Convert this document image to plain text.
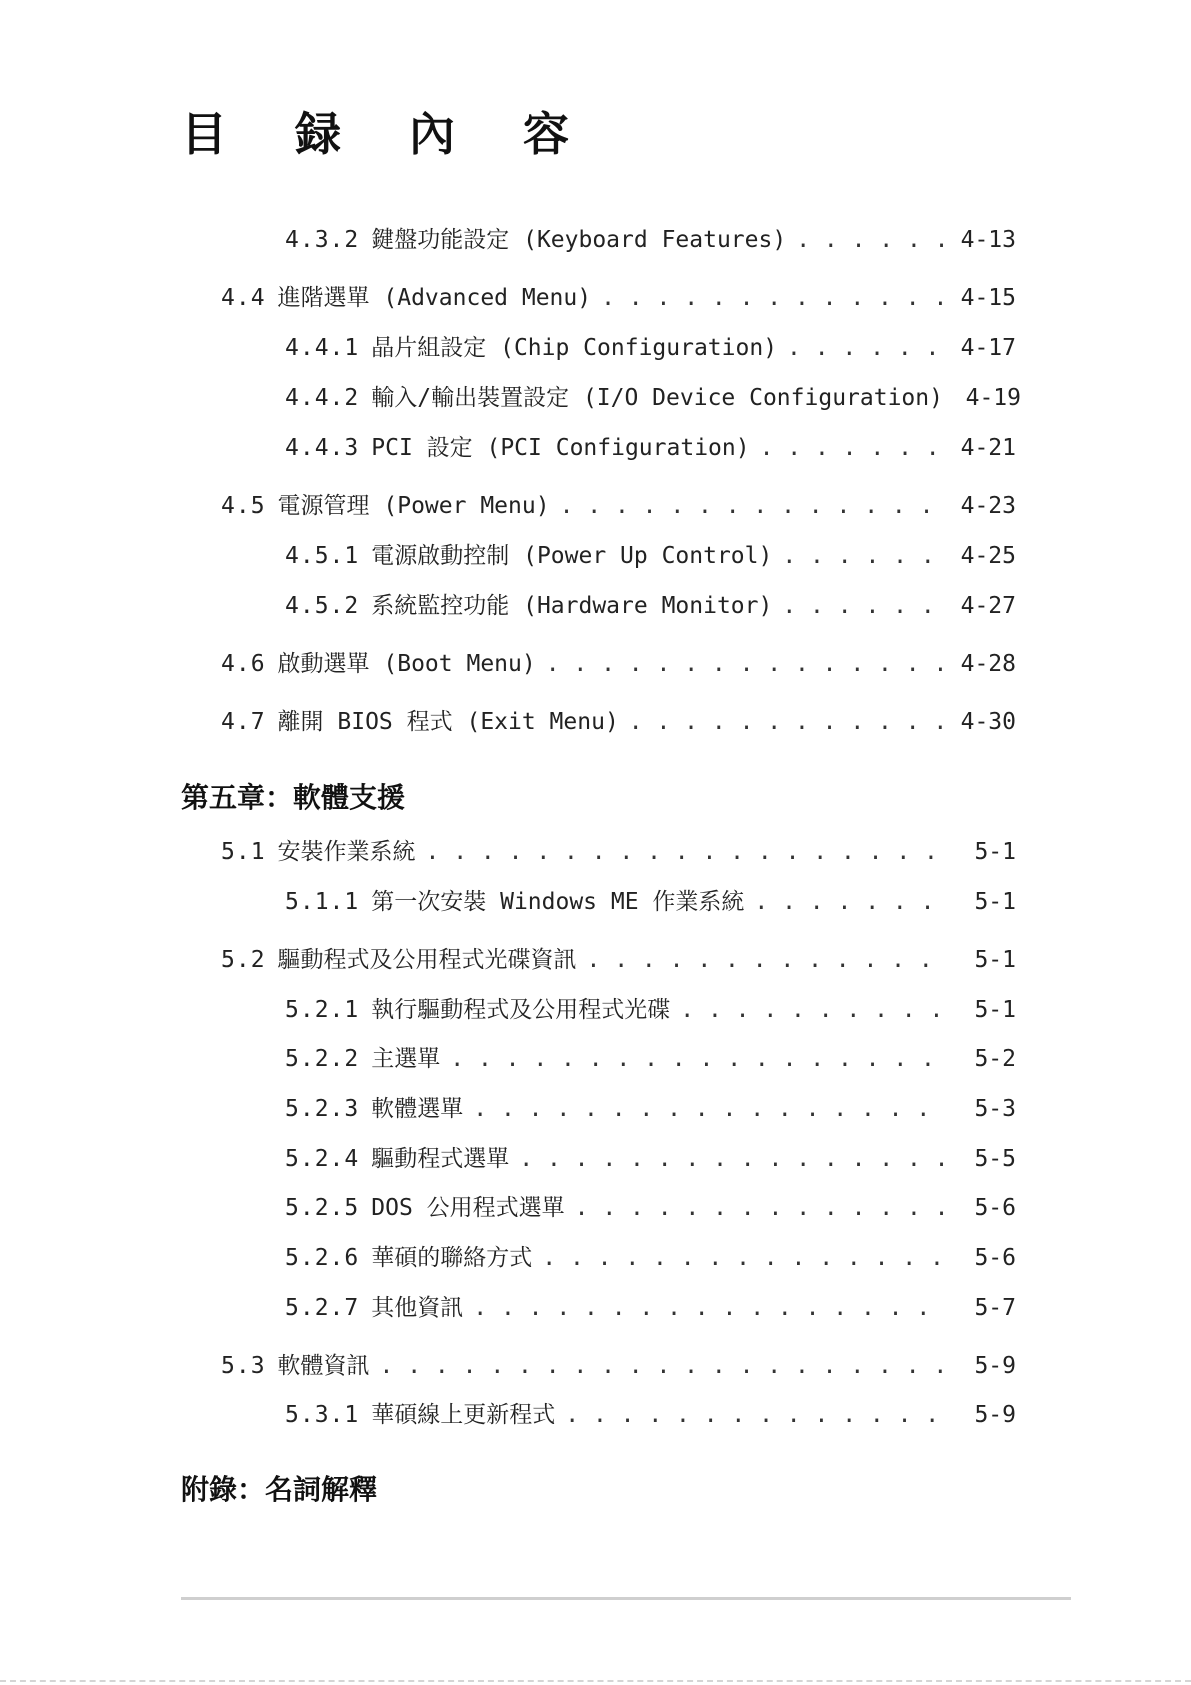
目 録 內 容
4.3.2 鍵盤功能設定 (Keyboard Features) . . .	4-13
4.4 進階選單 (Advanced Menu) . . .	4-15
4.4.1 晶片組設定 (Chip Configuration) . . .	4-17
4.4.2 輸入/輸出裝置設定 (I/O Device Configuration) 4-19
4.4.3 PCI 設定 (PCI Configuration) . . .	4-21
4.5 電源管理 (Power Menu) . . .	4-23
4.5.1 電源啟動控制 (Power Up Control) . . .	4-25
4.5.2 系統監控功能 (Hardware Monitor) . . .	4-27
4.6 啟動選單 (Boot Menu) . . .	4-28
4.7 離開 BIOS 程式 (Exit Menu) . . .	4-30
第五章：軟體支援
5.1 安裝作業系統 . . .	5-1
5.1.1 第一次安裝 Windows ME 作業系統 . . .	5-1
5.2 驅動程式及公用程式光碟資訊 . . .	5-1
5.2.1 執行驅動程式及公用程式光碟 . . .	5-1
5.2.2 主選單 . . .	5-2
5.2.3 軟體選單 . . .	5-3
5.2.4 驅動程式選單 . . .	5-5
5.2.5 DOS 公用程式選單 . . .	5-6
5.2.6 華碩的聯絡方式 . . .	5-6
5.2.7 其他資訊 . . .	5-7
5.3 軟體資訊 . . .	5-9
5.3.1 華碩線上更新程式 . . .	5-9
附錄：名詞解釋
